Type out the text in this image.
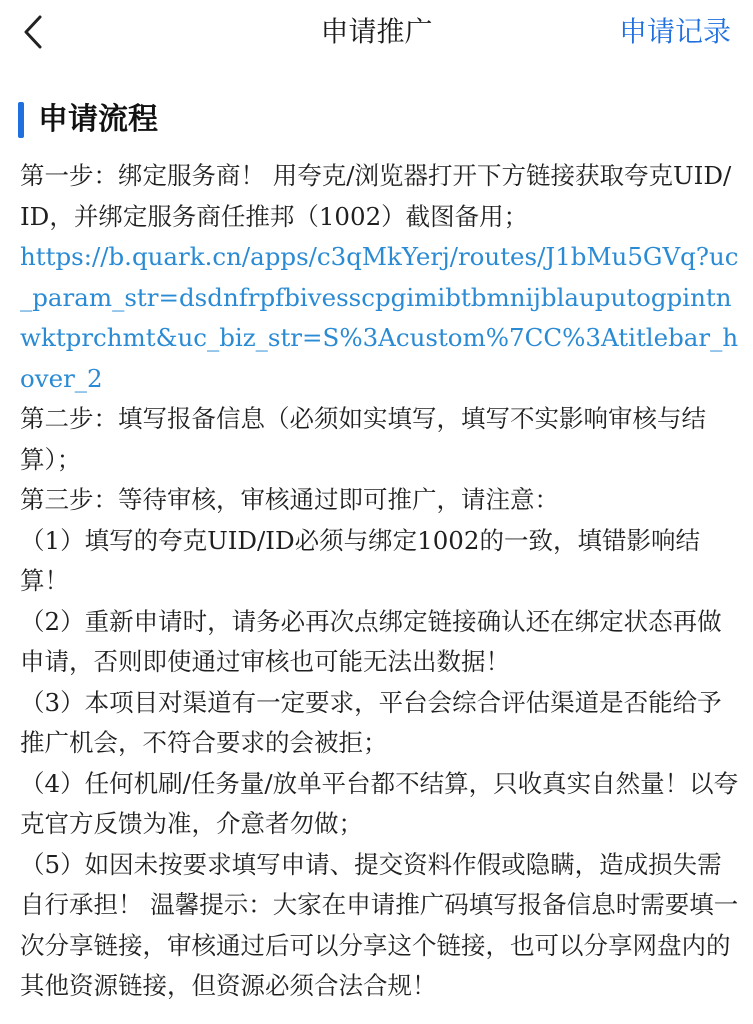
申请推广	申请记录
申请流程

第一步：绑定服务商！ 用夸克/浏览器打开下方链接获取夸克UID/ID，并绑定服务商任推邦（1002）截图备用；

https://b.quark.cn/apps/c3qMkYerj/routes/J1bMu5GVq?uc_param_str=dsdnfrpfbivesscpgimibtbmnijblauputogpintnwktprchmt&uc_biz_str=S%3Acustom%7CC%3Atitlebar_hover_2

第二步：填写报备信息（必须如实填写，填写不实影响审核与结算）；

第三步：等待审核，审核通过即可推广，请注意：

（1）填写的夸克UID/ID必须与绑定1002的一致，填错影响结算！

（2）重新申请时，请务必再次点绑定链接确认还在绑定状态再做申请，否则即使通过审核也可能无法出数据！

（3）本项目对渠道有一定要求，平台会综合评估渠道是否能给予推广机会，不符合要求的会被拒；

（4）任何机刷/任务量/放单平台都不结算，只收真实自然量！以夸克官方反馈为准，介意者勿做；

（5）如因未按要求填写申请、提交资料作假或隐瞒，造成损失需自行承担！ 温馨提示：大家在申请推广码填写报备信息时需要填一次分享链接，审核通过后可以分享这个链接，也可以分享网盘内的其他资源链接，但资源必须合法合规！
